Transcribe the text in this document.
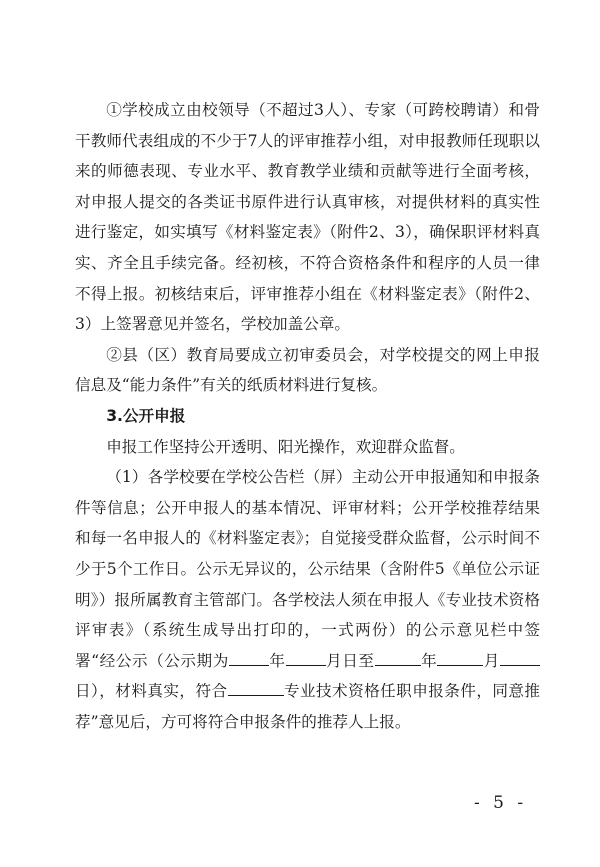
①学校成立由校领导（不超过3人）、专家（可跨校聘请）和骨干教师代表组成的不少于7人的评审推荐小组，对申报教师任现职以来的师德表现、专业水平、教育教学业绩和贡献等进行全面考核，对申报人提交的各类证书原件进行认真审核，对提供材料的真实性进行鉴定，如实填写《材料鉴定表》（附件2、3），确保职评材料真实、齐全且手续完备。经初核，不符合资格条件和程序的人员一律不得上报。初核结束后，评审推荐小组在《材料鉴定表》（附件2、3）上签署意见并签名，学校加盖公章。

②县（区）教育局要成立初审委员会，对学校提交的网上申报信息及“能力条件”有关的纸质材料进行复核。

3.公开申报

申报工作坚持公开透明、阳光操作，欢迎群众监督。

（1）各学校要在学校公告栏（屏）主动公开申报通知和申报条件等信息；公开申报人的基本情况、评审材料；公开学校推荐结果和每一名申报人的《材料鉴定表》；自觉接受群众监督，公示时间不少于5个工作日。公示无异议的，公示结果（含附件5《单位公示证明》）报所属教育主管部门。各学校法人须在申报人《专业技术资格评审表》（系统生成导出打印的，一式两份）的公示意见栏中签署“经公示（公示期为	年	月日至	年	月日），材料真实，符合	专业技术资格任职申报条件，同意推荐”意见后，方可将符合申报条件的推荐人上报。

- 5 -
